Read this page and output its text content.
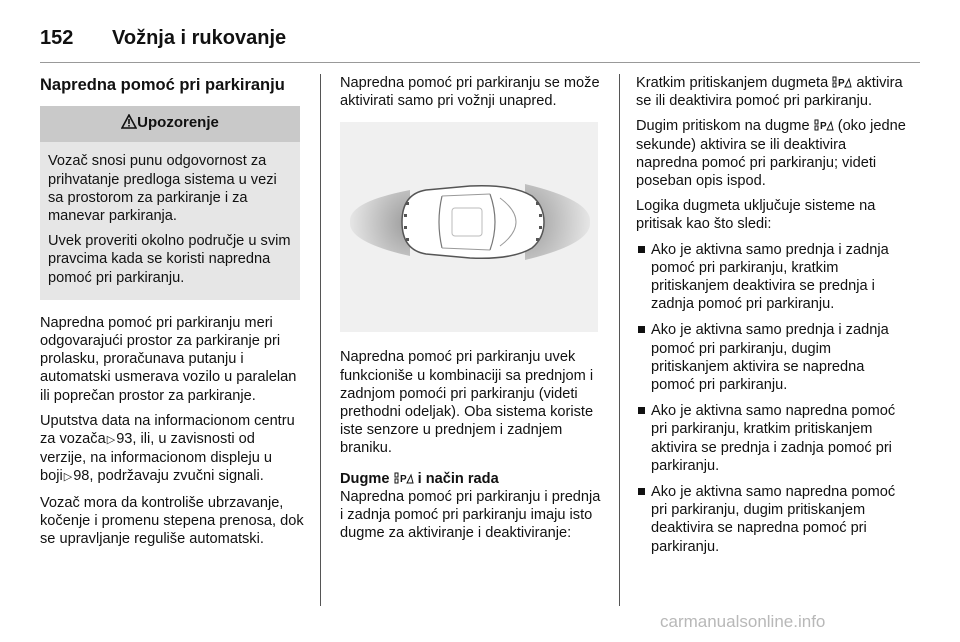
152	Vožnja i rukovanje
Napredna pomoć pri parkiranju
Upozorenje

Vozač snosi punu odgovornost za prihvatanje predloga sistema u vezi sa prostorom za parkiranje i za manevar parkiranja.

Uvek proveriti okolno područje u svim pravcima kada se koristi napredna pomoć pri parkiranju.

Napredna pomoć pri parkiranju meri odgovarajući prostor za parkiranje pri prolasku, proračunava putanju i automatski usmerava vozilo u paralelan ili poprečan prostor za parkiranje.

Uputstva data na informacionom centru za vozača▷93, ili, u zavisnosti od verzije, na informacionom displeju u boji▷98, podržavaju zvučni signali.

Vozač mora da kontroliše ubrzavanje, kočenje i promenu stepena prenosa, dok se upravljanje reguliše automatski.

Napredna pomoć pri parkiranju se može aktivirati samo pri vožnji unapred.

Napredna pomoć pri parkiranju uvek funkcioniše u kombinaciji sa prednjom i zadnjom pomoći pri parkiranju (videti prethodni odeljak). Oba sistema koriste iste senzore u prednjem i zadnjem braniku.

Dugme i način rada

Napredna pomoć pri parkiranju i prednja i zadnja pomoć pri parkiranju imaju isto dugme za aktiviranje i deaktiviranje:

Kratkim pritiskanjem dugmeta aktivira se ili deaktivira pomoć pri parkiranju.

Dugim pritiskom na dugme (oko jedne sekunde) aktivira se ili deaktivira napredna pomoć pri parkiranju; videti poseban opis ispod.

Logika dugmeta uključuje sisteme na pritisak kao što sledi:

Ako je aktivna samo prednja i zadnja pomoć pri parkiranju, kratkim pritiskanjem deaktivira se prednja i zadnja pomoć pri parkiranju.
Ako je aktivna samo prednja i zadnja pomoć pri parkiranju, dugim pritiskanjem aktivira se napredna pomoć pri parkiranju.
Ako je aktivna samo napredna pomoć pri parkiranju, kratkim pritiskanjem aktivira se prednja i zadnja pomoć pri parkiranju.
Ako je aktivna samo napredna pomoć pri parkiranju, dugim pritiskanjem deaktivira se napredna pomoć pri parkiranju.
carmanualsonline.info
